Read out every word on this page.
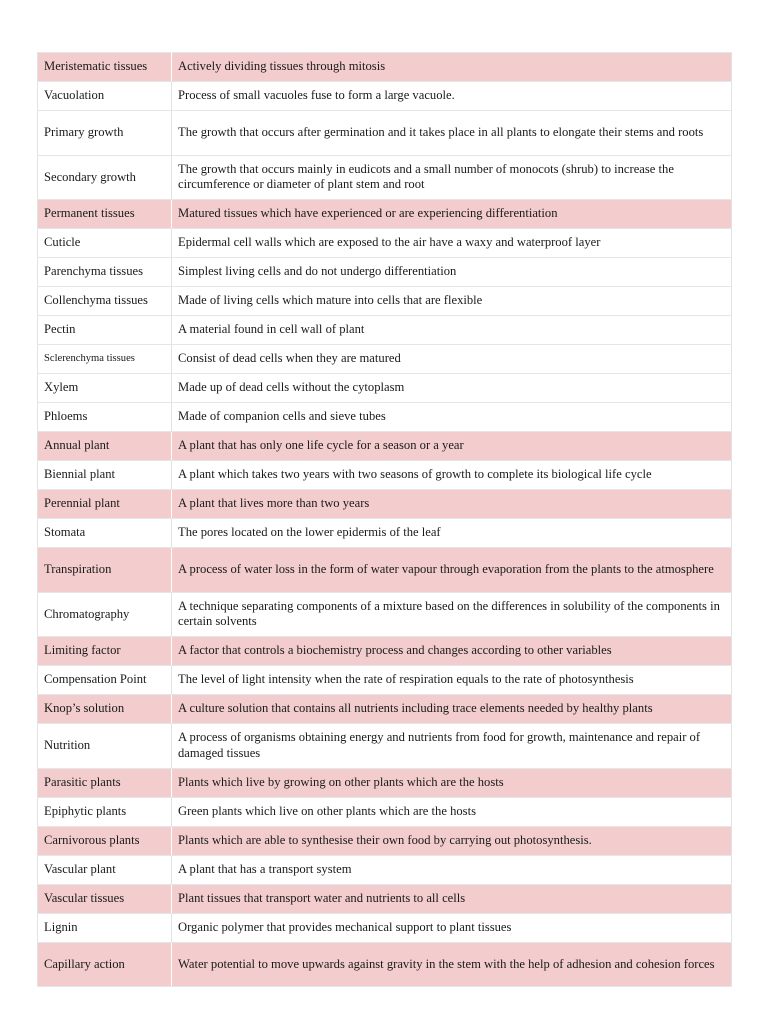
Meristematic tissues	Actively dividing tissues through mitosis
Vacuolation	Process of small vacuoles fuse to form a large vacuole.
Primary growth	The growth that occurs after germination and it takes place in all plants to elongate their stems and roots
Secondary growth	The growth that occurs mainly in eudicots and a small number of monocots (shrub) to increase the circumference or diameter of plant stem and root
Permanent tissues	Matured tissues which have experienced or are experiencing differentiation
Cuticle	Epidermal cell walls which are exposed to the air have a waxy and waterproof layer
Parenchyma tissues	Simplest living cells and do not undergo differentiation
Collenchyma tissues	Made of living cells which mature into cells that are flexible
Pectin	A material found in cell wall of plant
Sclerenchyma tissues	Consist of dead cells when they are matured
Xylem	Made up of dead cells without the cytoplasm
Phloems	Made of companion cells and sieve tubes
Annual plant	A plant that has only one life cycle for a season or a year
Biennial plant	A plant which takes two years with two seasons of growth to complete its biological life cycle
Perennial plant	A plant that lives more than two years
Stomata	The pores located on the lower epidermis of the leaf
Transpiration	A process of water loss in the form of water vapour through evaporation from the plants to the atmosphere
Chromatography	A technique separating components of a mixture based on the differences in solubility of the components in certain solvents
Limiting factor	A factor that controls a biochemistry process and changes according to other variables
Compensation Point	The level of light intensity when the rate of respiration equals to the rate of photosynthesis
Knop’s solution	A culture solution that contains all nutrients including trace elements needed by healthy plants
Nutrition	A process of organisms obtaining energy and nutrients from food for growth, maintenance and repair of damaged tissues
Parasitic plants	Plants which live by growing on other plants which are the hosts
Epiphytic plants	Green plants which live on other plants which are the hosts
Carnivorous plants	Plants which are able to synthesise their own food by carrying out photosynthesis.
Vascular plant	A plant that has a transport system
Vascular tissues	Plant tissues that transport water and nutrients to all cells
Lignin	Organic polymer that provides mechanical support to plant tissues
Capillary action	Water potential to move upwards against gravity in the stem with the help of adhesion and cohesion forces
